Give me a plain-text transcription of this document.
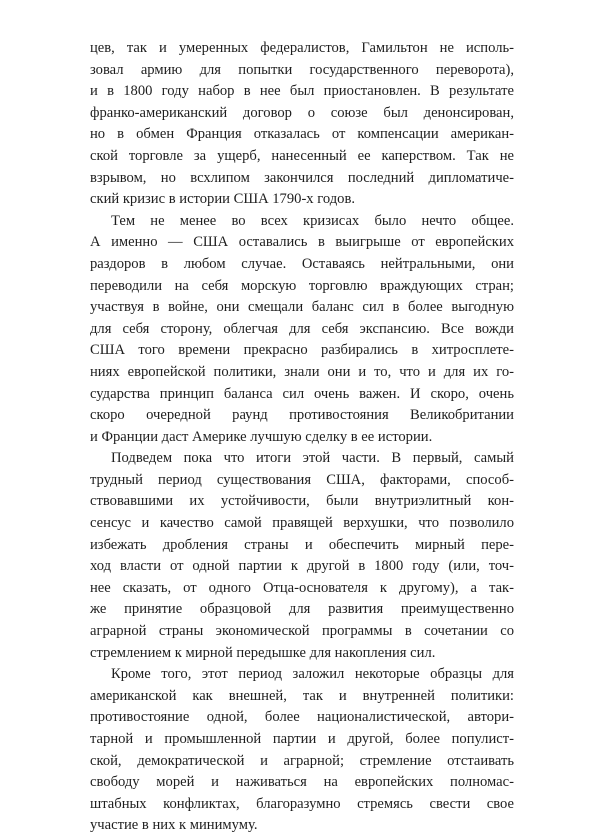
цев, так и умеренных федералистов, Гамильтон не исполь-
зовал армию для попытки государственного переворота),
и в 1800 году набор в нее был приостановлен. В результате
франко-американский договор о союзе был денонсирован,
но в обмен Франция отказалась от компенсации американ-
ской торговле за ущерб, нанесенный ее каперством. Так не
взрывом, но всхлипом закончился последний дипломатиче-
ский кризис в истории США 1790-х годов.

Тем не менее во всех кризисах было нечто общее.
А именно — США оставались в выигрыше от европейских
раздоров в любом случае. Оставаясь нейтральными, они
переводили на себя морскую торговлю враждующих стран;
участвуя в войне, они смещали баланс сил в более выгодную
для себя сторону, облегчая для себя экспансию. Все вожди
США того времени прекрасно разбирались в хитросплете-
ниях европейской политики, знали они и то, что и для их го-
сударства принцип баланса сил очень важен. И скоро, очень
скоро очередной раунд противостояния Великобритании
и Франции даст Америке лучшую сделку в ее истории.

Подведем пока что итоги этой части. В первый, самый
трудный период существования США, факторами, способ-
ствовавшими их устойчивости, были внутриэлитный кон-
сенсус и качество самой правящей верхушки, что позволило
избежать дробления страны и обеспечить мирный пере-
ход власти от одной партии к другой в 1800 году (или, точ-
нее сказать, от одного Отца-основателя к другому), а так-
же принятие образцовой для развития преимущественно
аграрной страны экономической программы в сочетании со
стремлением к мирной передышке для накопления сил.

Кроме того, этот период заложил некоторые образцы для
американской как внешней, так и внутренней политики:
противостояние одной, более националистической, автори-
тарной и промышленной партии и другой, более популист-
ской, демократической и аграрной; стремление отстаивать
свободу морей и наживаться на европейских полномас-
штабных конфликтах, благоразумно стремясь свести свое
участие в них к минимуму.
